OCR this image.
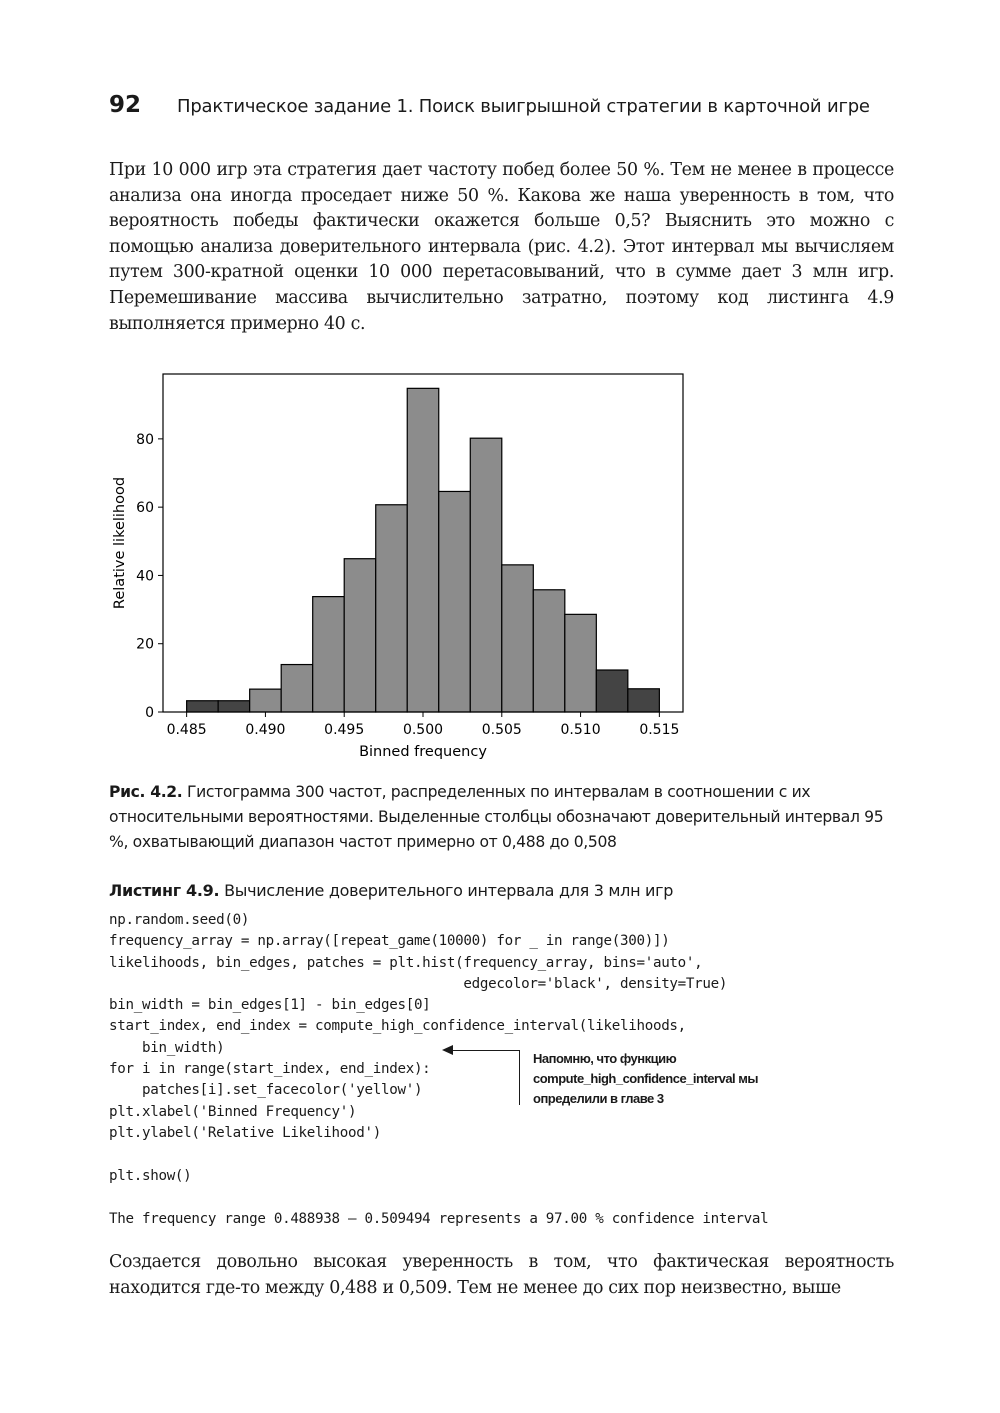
92 Практическое задание 1. Поиск выигрышной стратегии в карточной игре

При 10 000 игр эта стратегия дает частоту побед более 50 %. Тем не менее в процессе анализа она иногда проседает ниже 50 %. Какова же наша уверенность в том, что вероятность победы фактически окажется больше 0,5? Выяснить это можно с помощью анализа доверительного интервала (рис. 4.2). Этот интервал мы вычисляем путем 300-кратной оценки 10 000 перетасовываний, что в сумме дает 3 млн игр. Перемешивание массива вычислительно затратно, поэтому код листинга 4.9 выполняется примерно 40 с.

0.485	0.490	0.495	0.500	0.505	0.510	0.515
0
20
40
60
80
Binned frequency
Relative likelihood

Рис. 4.2. Гистограмма 300 частот, распределенных по интервалам в соотношении с их относительными вероятностями. Выделенные столбцы обозначают доверительный интервал 95 %, охватывающий диапазон частот примерно от 0,488 до 0,508

Листинг 4.9. Вычисление доверительного интервала для 3 млн игр
np.random.seed(0)
frequency_array = np.array([repeat_game(10000) for _ in range(300)])
likelihoods, bin_edges, patches = plt.hist(frequency_array, bins='auto',
edgecolor='black', density=True)
bin_width = bin_edges[1] - bin_edges[0]
start_index, end_index = compute_high_confidence_interval(likelihoods,
bin_width)
for i in range(start_index, end_index):
patches[i].set_facecolor('yellow')
plt.xlabel('Binned Frequency')
plt.ylabel('Relative Likelihood')

plt.show()
Напомню, что функцию compute_high_confidence_interval мы определили в главе 3
The frequency range 0.488938 – 0.509494 represents a 97.00 % confidence interval

Создается довольно высокая уверенность в том, что фактическая вероятность находится где-то между 0,488 и 0,509. Тем не менее до сих пор неизвестно, выше
